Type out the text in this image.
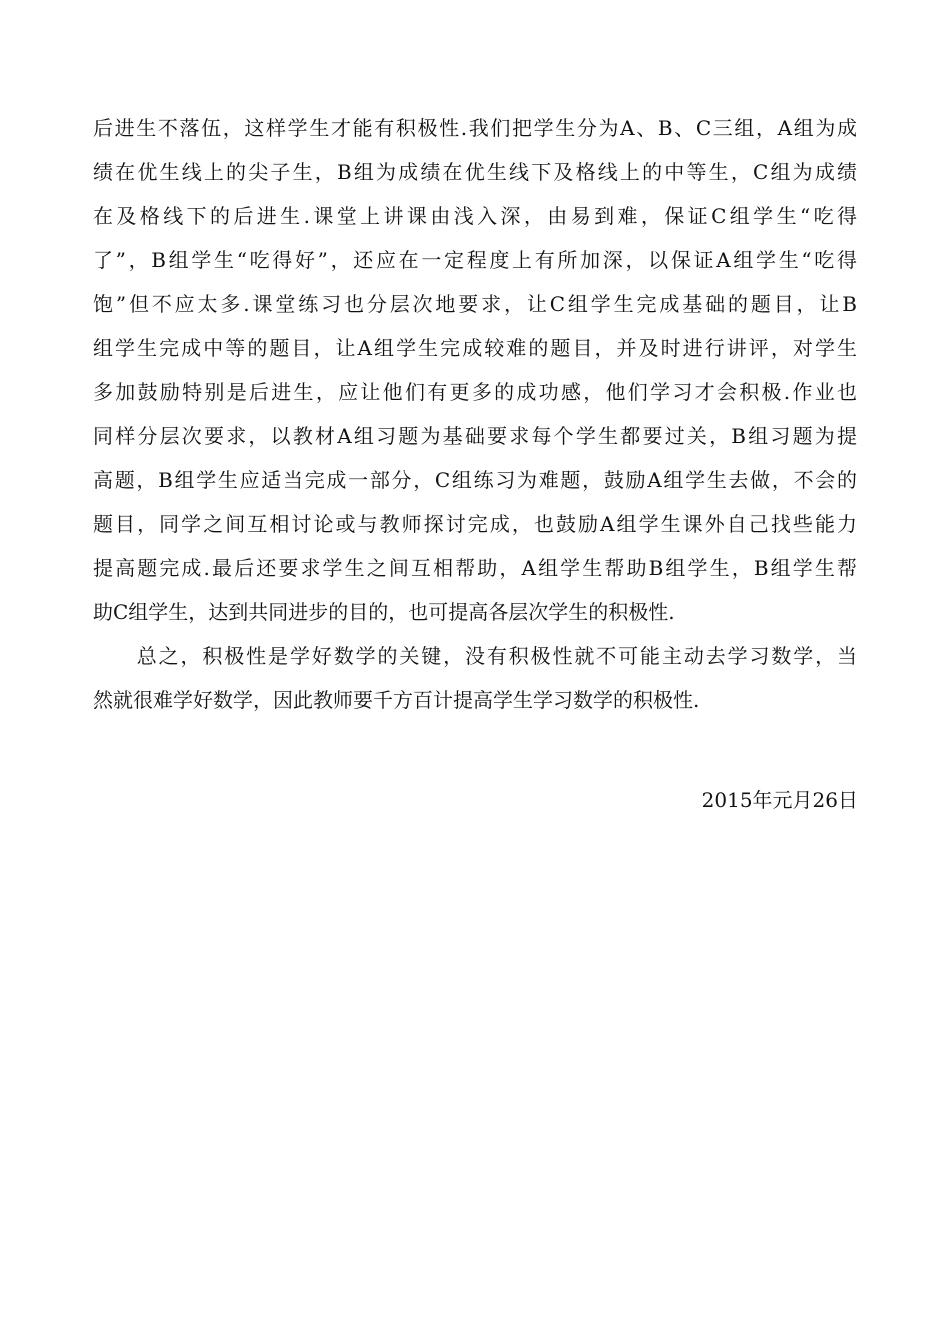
后进生不落伍，这样学生才能有积极性.我们把学生分为A、B、C三组，A组为成
绩在优生线上的尖子生，B组为成绩在优生线下及格线上的中等生，C组为成绩
在及格线下的后进生.课堂上讲课由浅入深，由易到难，保证C组学生“吃得
了”，B组学生“吃得好”，还应在一定程度上有所加深，以保证A组学生“吃得
饱”但不应太多.课堂练习也分层次地要求，让C组学生完成基础的题目，让B
组学生完成中等的题目，让A组学生完成较难的题目，并及时进行讲评，对学生
多加鼓励特别是后进生，应让他们有更多的成功感，他们学习才会积极.作业也
同样分层次要求，以教材A组习题为基础要求每个学生都要过关，B组习题为提
高题，B组学生应适当完成一部分，C组练习为难题，鼓励A组学生去做，不会的
题目，同学之间互相讨论或与教师探讨完成，也鼓励A组学生课外自己找些能力
提高题完成.最后还要求学生之间互相帮助，A组学生帮助B组学生，B组学生帮
助C组学生，达到共同进步的目的，也可提高各层次学生的积极性.
　　总之，积极性是学好数学的关键，没有积极性就不可能主动去学习数学，当
然就很难学好数学，因此教师要千方百计提高学生学习数学的积极性.
2015年元月26日
